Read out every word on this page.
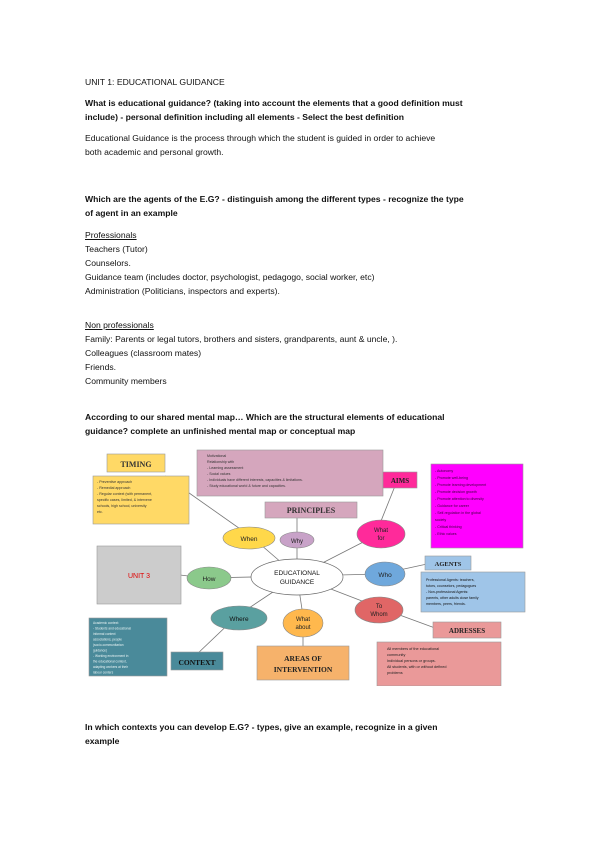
UNIT 1: EDUCATIONAL GUIDANCE

What is educational guidance? (taking into account the elements that a good definition must

include) - personal definition including all elements - Select the best definition

Educational Guidance is the process through which the student is guided in order to achieve

both academic and personal growth.

Which are the agents of the E.G? - distinguish among the different types - recognize the type

of agent in an example

Professionals

Teachers (Tutor)

Counselors.

Guidance team (includes doctor, psychologist, pedagogo, social worker, etc)

Administration (Politicians, inspectors and experts).

Non professionals

Family: Parents or legal tutors, brothers and sisters, grandparents, aunt & uncle, ).

Colleagues (classroom mates)

Friends.

Community members

According to our shared mental map… Which are the structural elements of educational

guidance? complete an unfinished mental map or conceptual map

TIMING
- Preventive approach
- Remedial approach
- Regular context (with permanent,
specific cases, limited, & intervene
schools, high school, university
etc.
Motivational
Relationship with
- Learning assessment
- Social values
- Individuals have different interests, capacities & limitations.
- Study educational world & future and capacities.
PRINCIPLES
AIMS
- Autonomy
- Promote well-being
- Promote learning development
- Promote decision growth
- Promote attention to diversity
- Guidance for career
- Self-regulation in the global
society
- Critical thinking
- Ethic values
UNIT 3
AGENTS
Professional Agents: teachers,
tutors, counselors, pedagogues
- Non-professional Agents:
parents, other adults close family
members, peers, friends.
Academic context:
- Students and educational
informal context
associations, people
(socio-communitarian
guidance)
- Working environment in
the educational context,
adapting workers at their
labour centers
CONTEXT	AREAS OF
INTERVENTION
ADRESSES
All members of the educational
community
Individual persons or groups.
All students, with or without defined
problems
When	Why
What
for
How
EDUCATIONAL
GUIDANCE
Who
Where	What
about
To
Whom

In which contexts you can develop E.G? - types, give an example, recognize in a given

example
